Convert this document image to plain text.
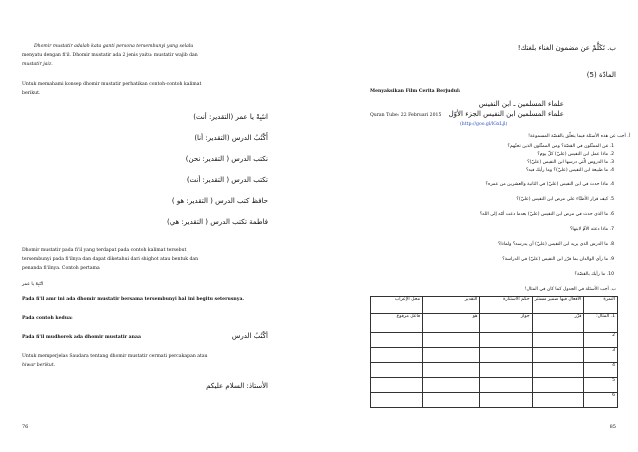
Dhomir mustatir adalah kata ganti persona tersembunyi yang selalu
menyatu dengan fi'il. Dhomir mustatir ada 2 jenis yaitu: mustatir wajib dan
mustatir jaiz.
Untuk memahami konsep dhomir mustatir perhatikan contoh-contoh kalimat
berikut.
انتَبِهْ يا عمر (التقدير: أنت)
أَكْتُبُ الدرس (التقدير: أنا)
نكتب الدرس ( التقدير: نحن)
تكتب الدرس ( التقدير: أنت)
حافظ كتب الدرس ( التقدير: هو )
فاطمة تكتب الدرس ( التقدير: هي)
Dhomir mustatir pada fi'il yang terdapat pada contoh kalimat tersebut
tersembunyi pada fi'ilnya dan dapat diketahui dari shighot atau bentuk dan
penanda fi'ilnya. Contoh pertama
انْتَبِهْ يا عمر
Pada fi'il amr ini ada dhomir mustatir bersama tersembunyi hal ini begitu seterusnya.
Pada contoh kedua:
Pada fi'il mudhorek ada dhomir mustatir anaa	أكْتُبُ الدرس
Untuk memperjelas Saudara tentang dhomir mustatir cermati percakapan atau
hiwar berikut.
الأستاذ: السلام عليكم
76
ب. تَكَلَّمْ عن مضمون الغناء بلغتك!
المادّة (5)
Menyaksikan Film Cerita Berjudul:
علماء المسلمين ـ ابن النفيس
Quran Tube: 22 Februari 2015 علماء المسلمين ابن النفيس الجزء الأوّل
(http://goo.gl/lGxLjl)
أ. أجب عن هذه الأسئلة فيما يتعلّق بالقصّة المسموعة!
1. مَن الممثّلون في القصّة؟ ومن الممثّلون الذين تحبّهم؟
2. ماذا عمل ابن النفيس (عليّ) كلّ يوم؟
3. ما الدروس الّتي درسها ابن النفيس (عليّ)؟
4. ما طبيعة ابن النفيس (عليّ)؟ وما رأيك فيه؟
4. ماذا حدث في ابن النفيس (عليّ) في الثانية والعشرين من عمره؟
5. كيف قرار الأطبّاء على مرض ابن النفيس (عليّ)؟
6. ما الذي حدث في مرض ابن النفيس (عليّ) بعدما دعت أمّه إلى الله؟
7. ماذا دعته الأمّ لابنها؟
8. ما الدرس الذي يريد ابن النفيس (عليّ) أن يدرسه؟ ولماذا؟
9. ما رأي الوالدان بما قرّر ابن النفيس (عليّ) في الدراسة؟
10. ما رأيك بالقصّة؟
ب. أجب الأسئلة في الجدول كما كان في المثال!
النمرة	الأفعال فيها ضمير مستتر	حكم الاستتارة	التقدير	محل الإعراب
1. المثال:	قرّر	جواز	هو	فاعل مرفوع
2				
3				
4				
5				
6				
85
